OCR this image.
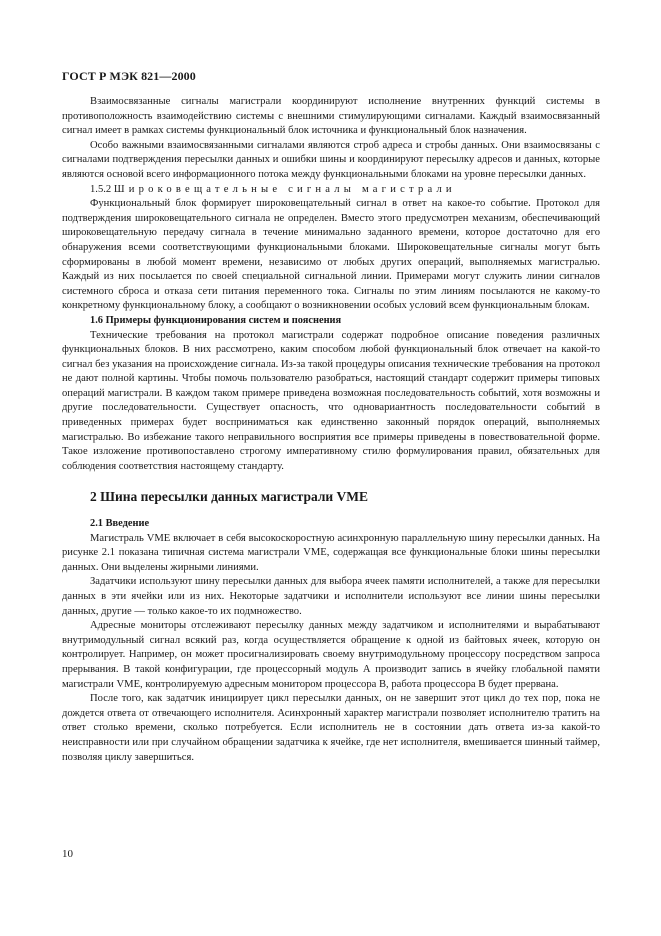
ГОСТ Р МЭК 821—2000

Взаимосвязанные сигналы магистрали координируют исполнение внутренних функций системы в противоположность взаимодействию системы с внешними стимулирующими сигналами. Каждый взаимосвязанный сигнал имеет в рамках системы функциональный блок источника и функциональный блок назначения.

Особо важными взаимосвязанными сигналами являются строб адреса и стробы данных. Они взаимосвязаны с сигналами подтверждения пересылки данных и ошибки шины и координируют пересылку адресов и данных, которые являются основой всего информационного потока между функциональными блоками на уровне пересылки данных.

1.5.2 Широковещательные сигналы магистрали

Функциональный блок формирует широковещательный сигнал в ответ на какое-то событие. Протокол для подтверждения широковещательного сигнала не определен. Вместо этого предусмотрен механизм, обеспечивающий широковещательную передачу сигнала в течение минимально заданного времени, которое достаточно для его обнаружения всеми соответствующими функциональными блоками. Широковещательные сигналы могут быть сформированы в любой момент времени, независимо от любых других операций, выполняемых магистралью. Каждый из них посылается по своей специальной сигнальной линии. Примерами могут служить линии сигналов системного сброса и отказа сети питания переменного тока. Сигналы по этим линиям посылаются не какому-то конкретному функциональному блоку, а сообщают о возникновении особых условий всем функциональным блокам.

1.6 Примеры функционирования систем и пояснения

Технические требования на протокол магистрали содержат подробное описание поведения различных функциональных блоков. В них рассмотрено, каким способом любой функциональный блок отвечает на какой-то сигнал без указания на происхождение сигнала. Из-за такой процедуры описания технические требования на протокол не дают полной картины. Чтобы помочь пользователю разобраться, настоящий стандарт содержит примеры типовых операций магистрали. В каждом таком примере приведена возможная последовательность событий, хотя возможны и другие последовательности. Существует опасность, что одновариантность последовательности событий в приведенных примерах будет восприниматься как единственно законный порядок операций, выполняемых магистралью. Во избежание такого неправильного восприятия все примеры приведены в повествовательной форме. Такое изложение противопоставлено строгому императивному стилю формулирования правил, обязательных для соблюдения соответствия настоящему стандарту.

2 Шина пересылки данных магистрали VME
2.1 Введение

Магистраль VME включает в себя высокоскоростную асинхронную параллельную шину пересылки данных. На рисунке 2.1 показана типичная система магистрали VME, содержащая все функциональные блоки шины пересылки данных. Они выделены жирными линиями.

Задатчики используют шину пересылки данных для выбора ячеек памяти исполнителей, а также для пересылки данных в эти ячейки или из них. Некоторые задатчики и исполнители используют все линии шины пересылки данных, другие — только какое-то их подмножество.

Адресные мониторы отслеживают пересылку данных между задатчиком и исполнителями и вырабатывают внутримодульный сигнал всякий раз, когда осуществляется обращение к одной из байтовых ячеек, которую он контролирует. Например, он может просигнализировать своему внутримодульному процессору посредством запроса прерывания. В такой конфигурации, где процессорный модуль А производит запись в ячейку глобальной памяти магистрали VME, контролируемую адресным монитором процессора В, работа процессора В будет прервана.

После того, как задатчик инициирует цикл пересылки данных, он не завершит этот цикл до тех пор, пока не дождется ответа от отвечающего исполнителя. Асинхронный характер магистрали позволяет исполнителю тратить на ответ столько времени, сколько потребуется. Если исполнитель не в состоянии дать ответа из-за какой-то неисправности или при случайном обращении задатчика к ячейке, где нет исполнителя, вмешивается шинный таймер, позволяя циклу завершиться.

10
